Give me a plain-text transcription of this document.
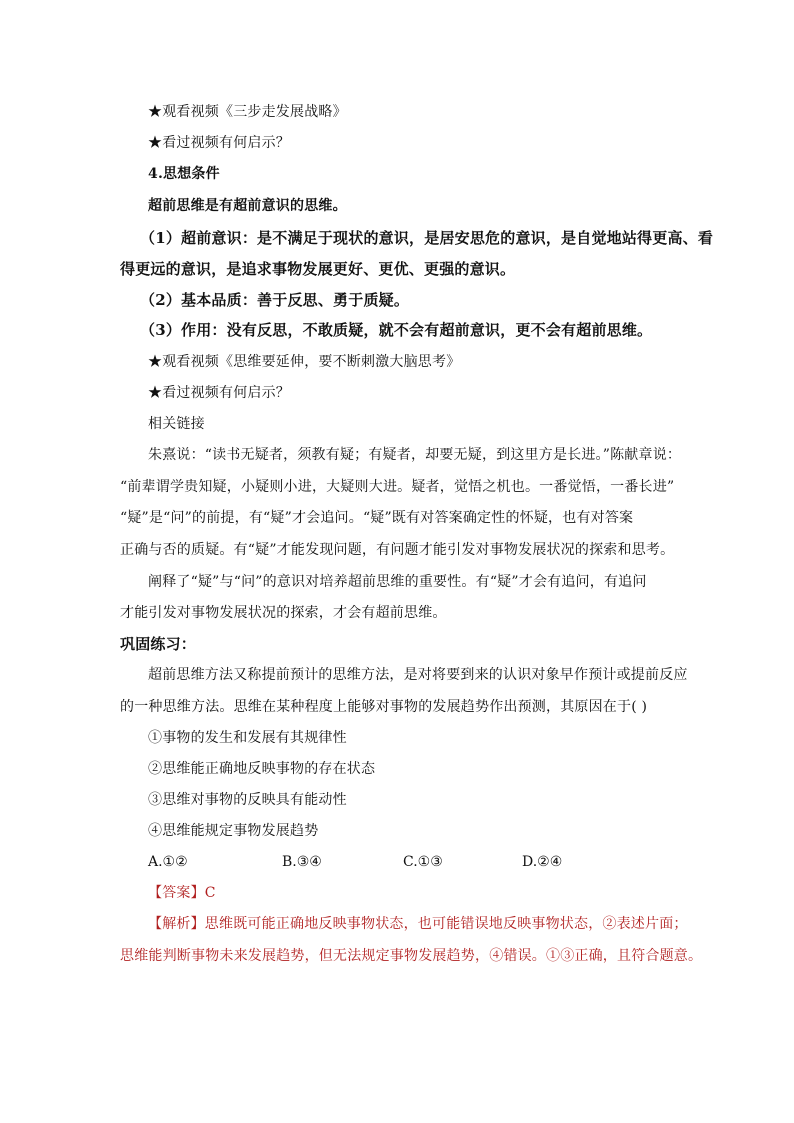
★观看视频《三步走发展战略》
★看过视频有何启示？
4.思想条件
超前思维是有超前意识的思维。
（1）超前意识：是不满足于现状的意识，是居安思危的意识，是自觉地站得更高、看
得更远的意识，是追求事物发展更好、更优、更强的意识。
（2）基本品质：善于反思、勇于质疑。
（3）作用：没有反思，不敢质疑，就不会有超前意识，更不会有超前思维。
★观看视频《思维要延伸，要不断刺激大脑思考》
★看过视频有何启示？
相关链接
朱熹说：“读书无疑者，须教有疑；有疑者，却要无疑，到这里方是长进。”陈献章说：
“前辈谓学贵知疑，小疑则小进，大疑则大进。疑者，觉悟之机也。一番觉悟，一番长进”
“疑”是“问”的前提，有“疑”才会追问。“疑”既有对答案确定性的怀疑，也有对答案
正确与否的质疑。有“疑”才能发现问题，有问题才能引发对事物发展状况的探索和思考。
阐释了“疑”与“问”的意识对培养超前思维的重要性。有“疑”才会有追问，有追问
才能引发对事物发展状况的探索，才会有超前思维。
巩固练习：
超前思维方法又称提前预计的思维方法，是对将要到来的认识对象早作预计或提前反应
的一种思维方法。思维在某种程度上能够对事物的发展趋势作出预测，其原因在于( )
①事物的发生和发展有其规律性
②思维能正确地反映事物的存在状态
③思维对事物的反映具有能动性
④思维能规定事物发展趋势
A.①②	B.③④	C.①③	D.②④
【答案】C
【解析】思维既可能正确地反映事物状态，也可能错误地反映事物状态，②表述片面；
思维能判断事物未来发展趋势，但无法规定事物发展趋势，④错误。①③正确，且符合题意。
